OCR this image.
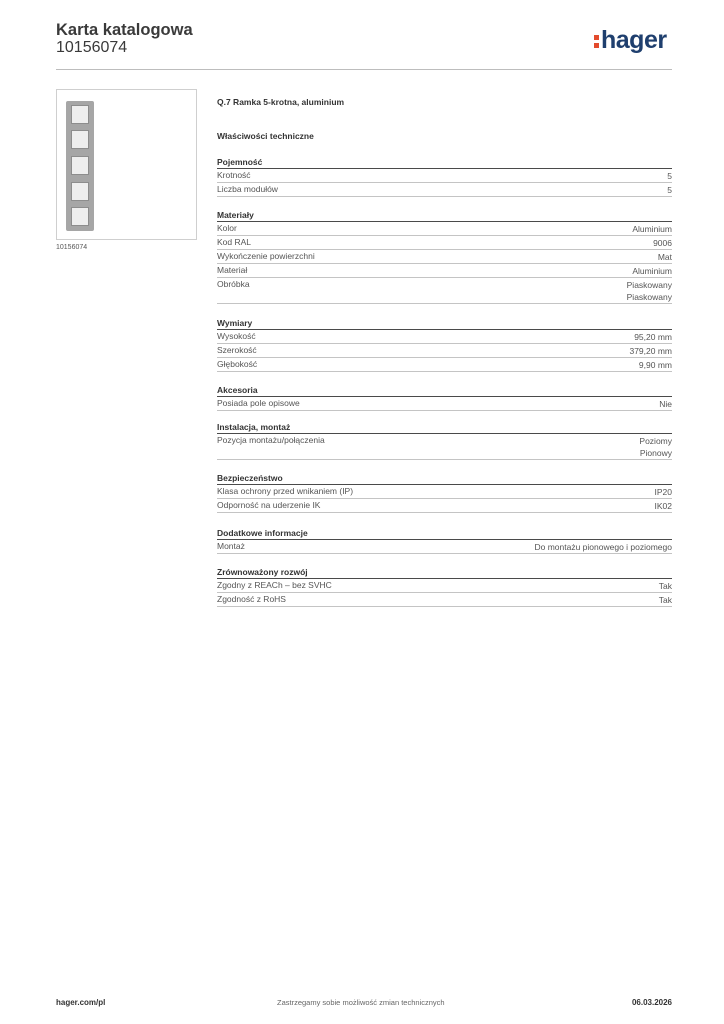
Karta katalogowa
10156074	hager
10156074
Q.7 Ramka 5-krotna, aluminium
Właściwości techniczne
Pojemność
Krotność	5
Liczba modułów	5
Materiały
Kolor	Aluminium
Kod RAL	9006
Wykończenie powierzchni	Mat
Materiał	Aluminium
Obróbka	Piaskowany
Piaskowany
Wymiary
Wysokość	95,20 mm
Szerokość	379,20 mm
Głębokość	9,90 mm
Akcesoria
Posiada pole opisowe	Nie
Instalacja, montaż
Pozycja montażu/połączenia	Poziomy
Pionowy
Bezpieczeństwo
Klasa ochrony przed wnikaniem (IP)	IP20
Odporność na uderzenie IK	IK02
Dodatkowe informacje
Montaż	Do montażu pionowego i poziomego
Zrównoważony rozwój
Zgodny z REACh – bez SVHC	Tak
Zgodność z RoHS	Tak
hager.com/pl	Zastrzegamy sobie możliwość zmian technicznych	06.03.2026
